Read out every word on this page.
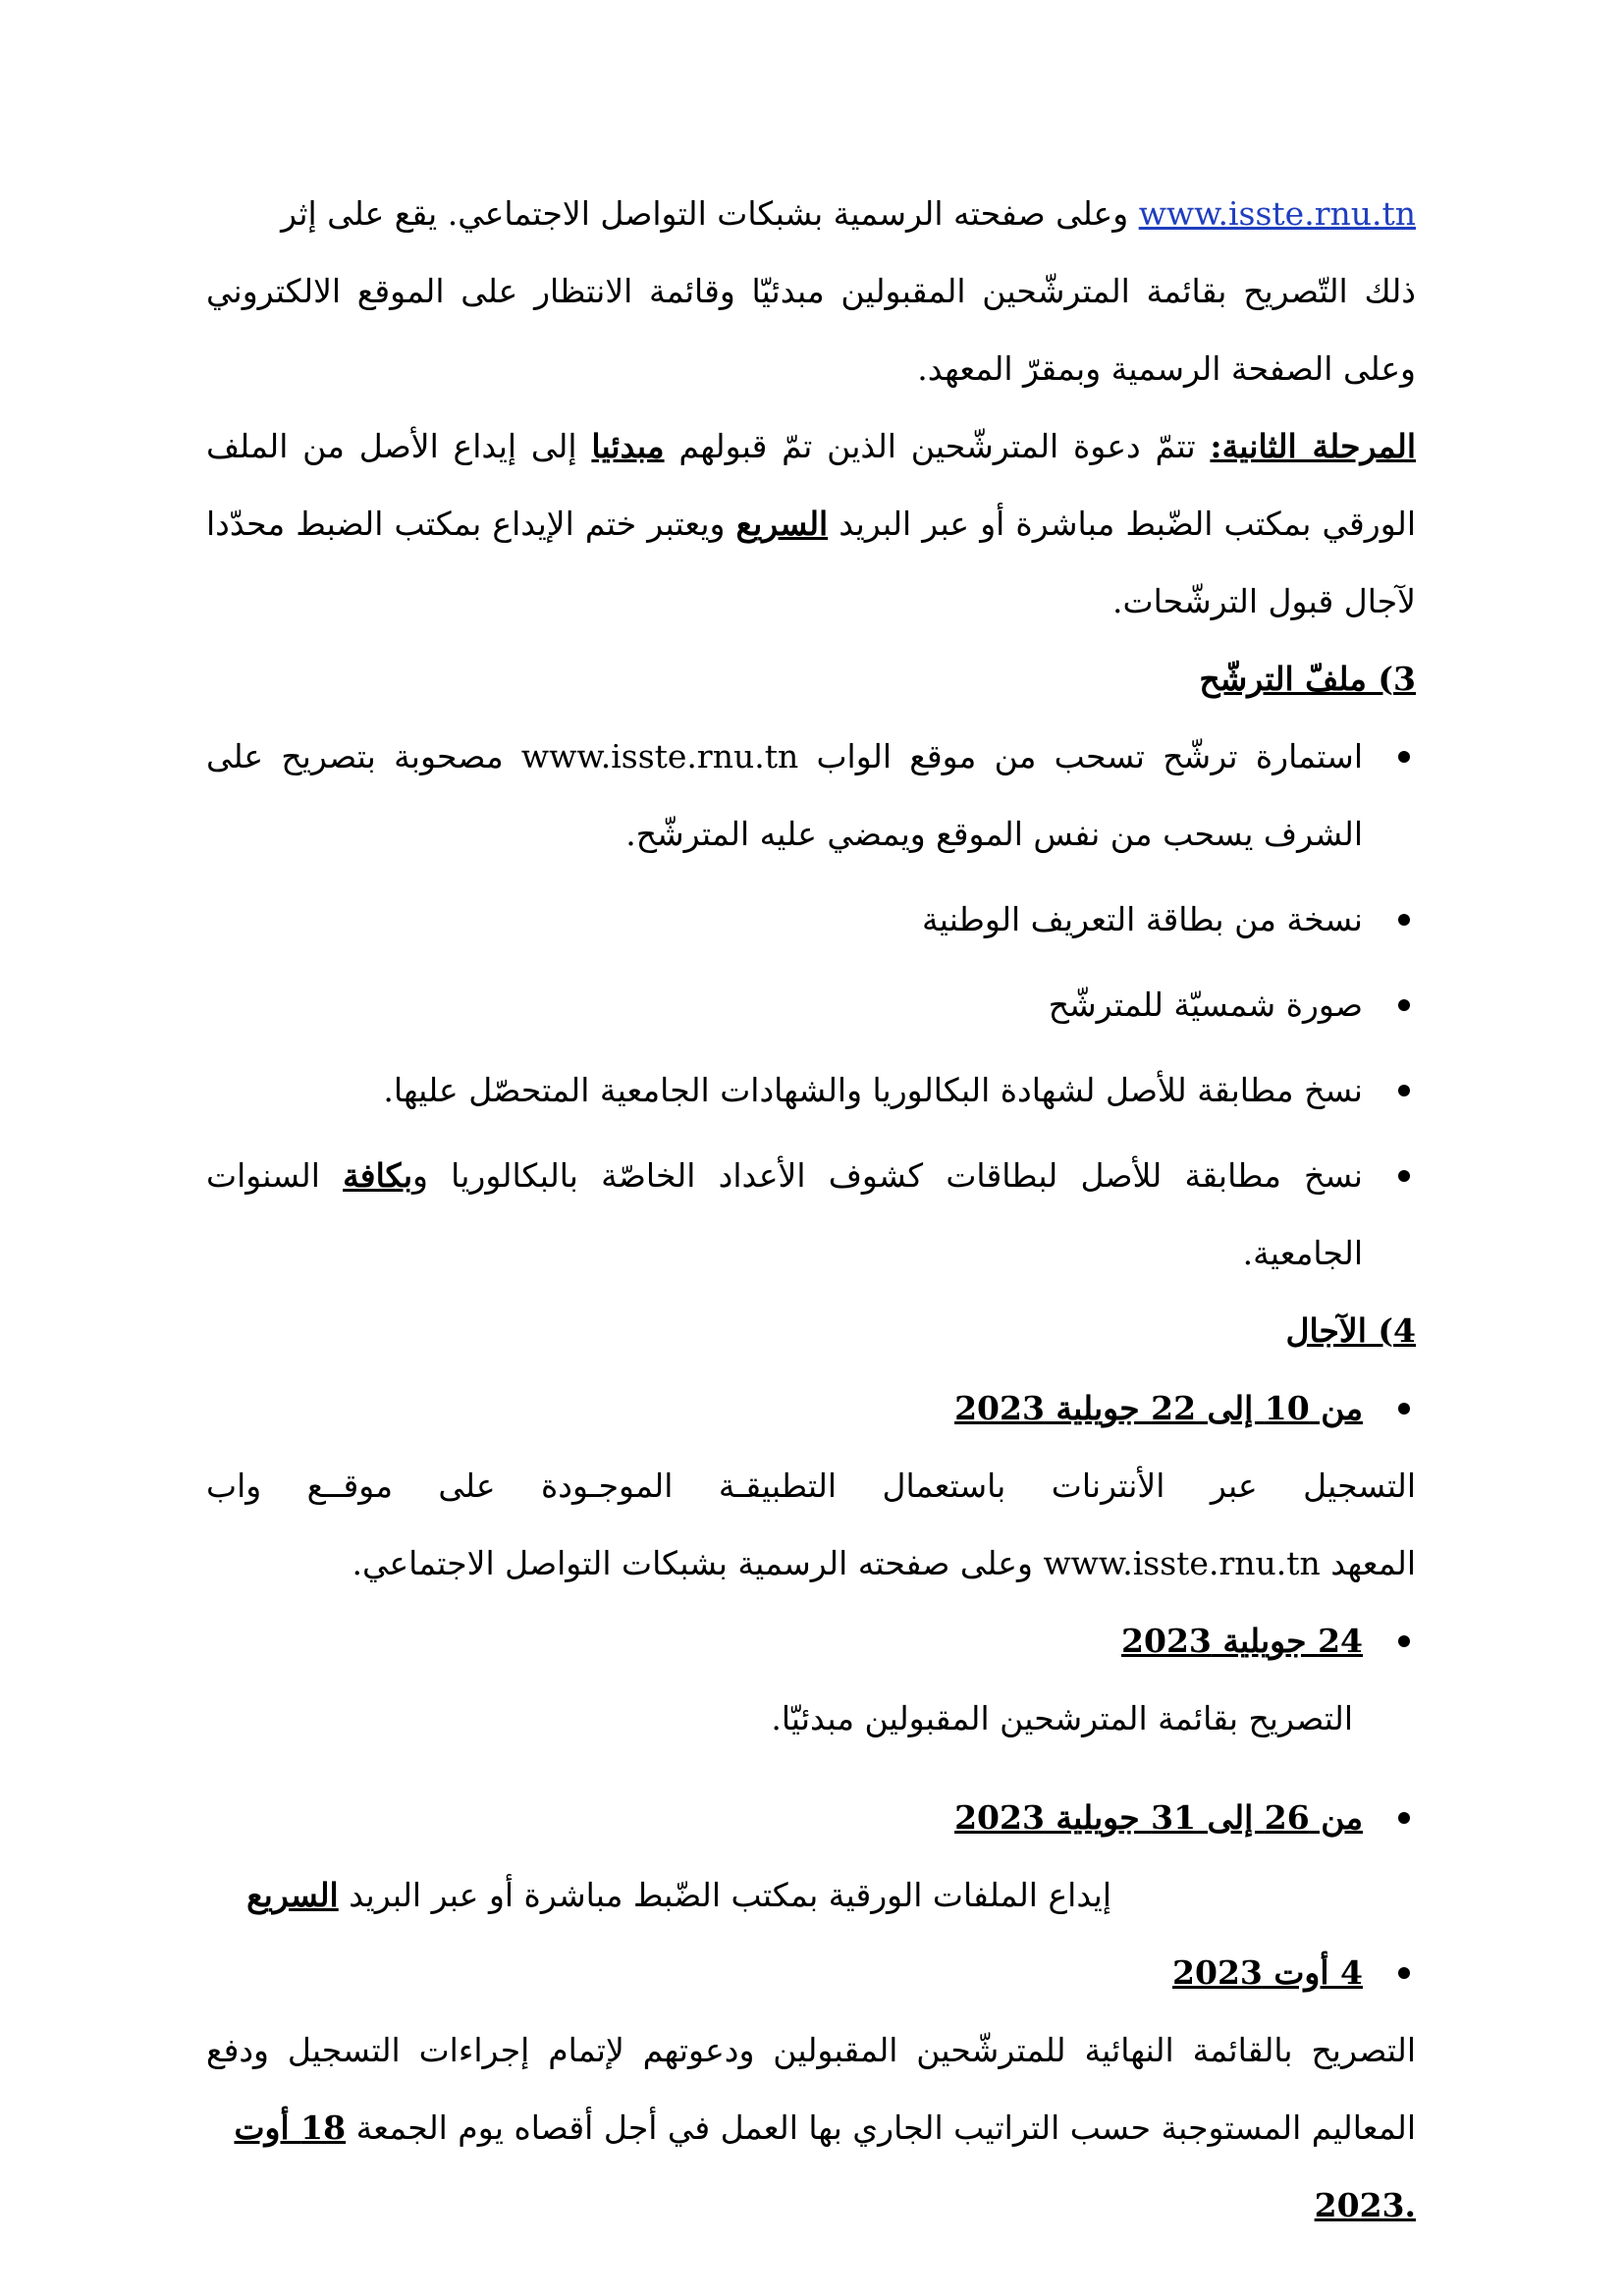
www.isste.rnu.tn وعلى صفحته الرسمية بشبكات التواصل الاجتماعي. يقع على إثر

ذلك التّصريح بقائمة المترشّحين المقبولين مبدئيّا وقائمة الانتظار على الموقع الالكتروني

وعلى الصفحة الرسمية وبمقرّ المعهد.

المرحلة الثانية: تتمّ دعوة المترشّحين الذين تمّ قبولهم مبدئيا إلى إيداع الأصل من الملف الورقي بمكتب الضّبط مباشرة أو عبر البريد السريع ويعتبر ختم الإيداع بمكتب الضبط محدّدا لآجال قبول الترشّحات.

3) ملفّ الترشّح

استمارة ترشّح تسحب من موقع الواب www.isste.rnu.tn مصحوبة بتصريح على الشرف يسحب من نفس الموقع ويمضي عليه المترشّح.

نسخة من بطاقة التعريف الوطنية

صورة شمسيّة للمترشّح

نسخ مطابقة للأصل لشهادة البكالوريا والشهادات الجامعية المتحصّل عليها.

نسخ مطابقة للأصل لبطاقات كشوف الأعداد الخاصّة بالبكالوريا وبكافة السنوات الجامعية.

4) الآجال

من 10 إلى 22 جويلية 2023

التسجيل عبر الأنترنات باستعمال التطبيقـة الموجـودة على موقــع واب

المعهد www.isste.rnu.tn وعلى صفحته الرسمية بشبكات التواصل الاجتماعي.

24 جويلية 2023

التصريح بقائمة المترشحين المقبولين مبدئيّا.

من 26 إلى 31 جويلية 2023

إيداع الملفات الورقية بمكتب الضّبط مباشرة أو عبر البريد السريع

4 أوت 2023

التصريح بالقائمة النهائية للمترشّحين المقبولين ودعوتهم لإتمام إجراءات التسجيل ودفع المعاليم المستوجبة حسب التراتيب الجاري بها العمل في أجل أقصاه يوم الجمعة 18 أوت

.2023
